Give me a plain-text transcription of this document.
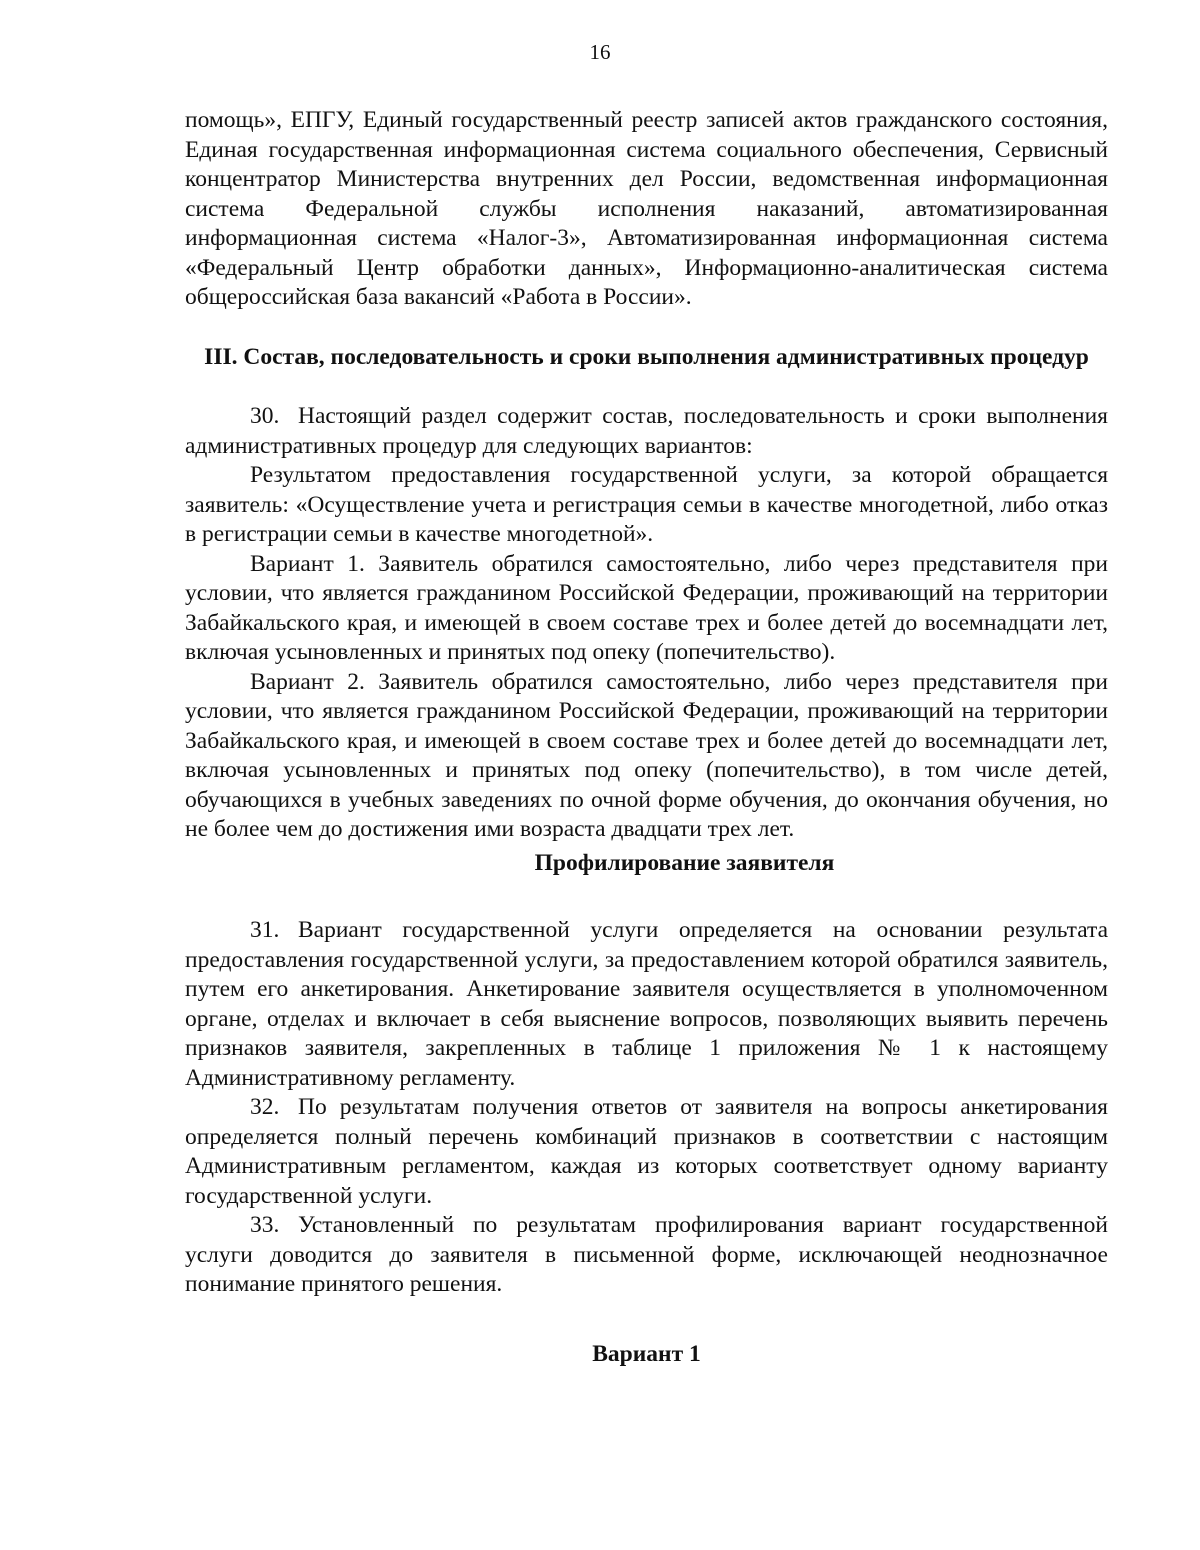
16

помощь», ЕПГУ, Единый государственный реестр записей актов гражданского состояния, Единая государственная информационная система социального обеспечения, Сервисный концентратор Министерства внутренних дел России, ведомственная информационная система Федеральной службы исполнения наказаний, автоматизированная информационная система «Налог-3», Автоматизированная информационная система «Федеральный Центр обработки данных», Информационно-аналитическая система общероссийская база вакансий «Работа в России».

III. Состав, последовательность и сроки выполнения административных процедур

30. Настоящий раздел содержит состав, последовательность и сроки выполнения административных процедур для следующих вариантов:

Результатом предоставления государственной услуги, за которой обращается заявитель: «Осуществление учета и регистрация семьи в качестве многодетной, либо отказ в регистрации семьи в качестве многодетной».

Вариант 1. Заявитель обратился самостоятельно, либо через представителя при условии, что является гражданином Российской Федерации, проживающий на территории Забайкальского края, и имеющей в своем составе трех и более детей до восемнадцати лет, включая усыновленных и принятых под опеку (попечительство).

Вариант 2. Заявитель обратился самостоятельно, либо через представителя при условии, что является гражданином Российской Федерации, проживающий на территории Забайкальского края, и имеющей в своем составе трех и более детей до восемнадцати лет, включая усыновленных и принятых под опеку (попечительство), в том числе детей, обучающихся в учебных заведениях по очной форме обучения, до окончания обучения, но не более чем до достижения ими возраста двадцати трех лет.

Профилирование заявителя

31. Вариант государственной услуги определяется на основании результата предоставления государственной услуги, за предоставлением которой обратился заявитель, путем его анкетирования. Анкетирование заявителя осуществляется в уполномоченном органе, отделах и включает в себя выяснение вопросов, позволяющих выявить перечень признаков заявителя, закрепленных в таблице 1 приложения № 1 к настоящему Административному регламенту.

32. По результатам получения ответов от заявителя на вопросы анкетирования определяется полный перечень комбинаций признаков в соответствии с настоящим Административным регламентом, каждая из которых соответствует одному варианту государственной услуги.

33. Установленный по результатам профилирования вариант государственной услуги доводится до заявителя в письменной форме, исключающей неоднозначное понимание принятого решения.

Вариант 1
